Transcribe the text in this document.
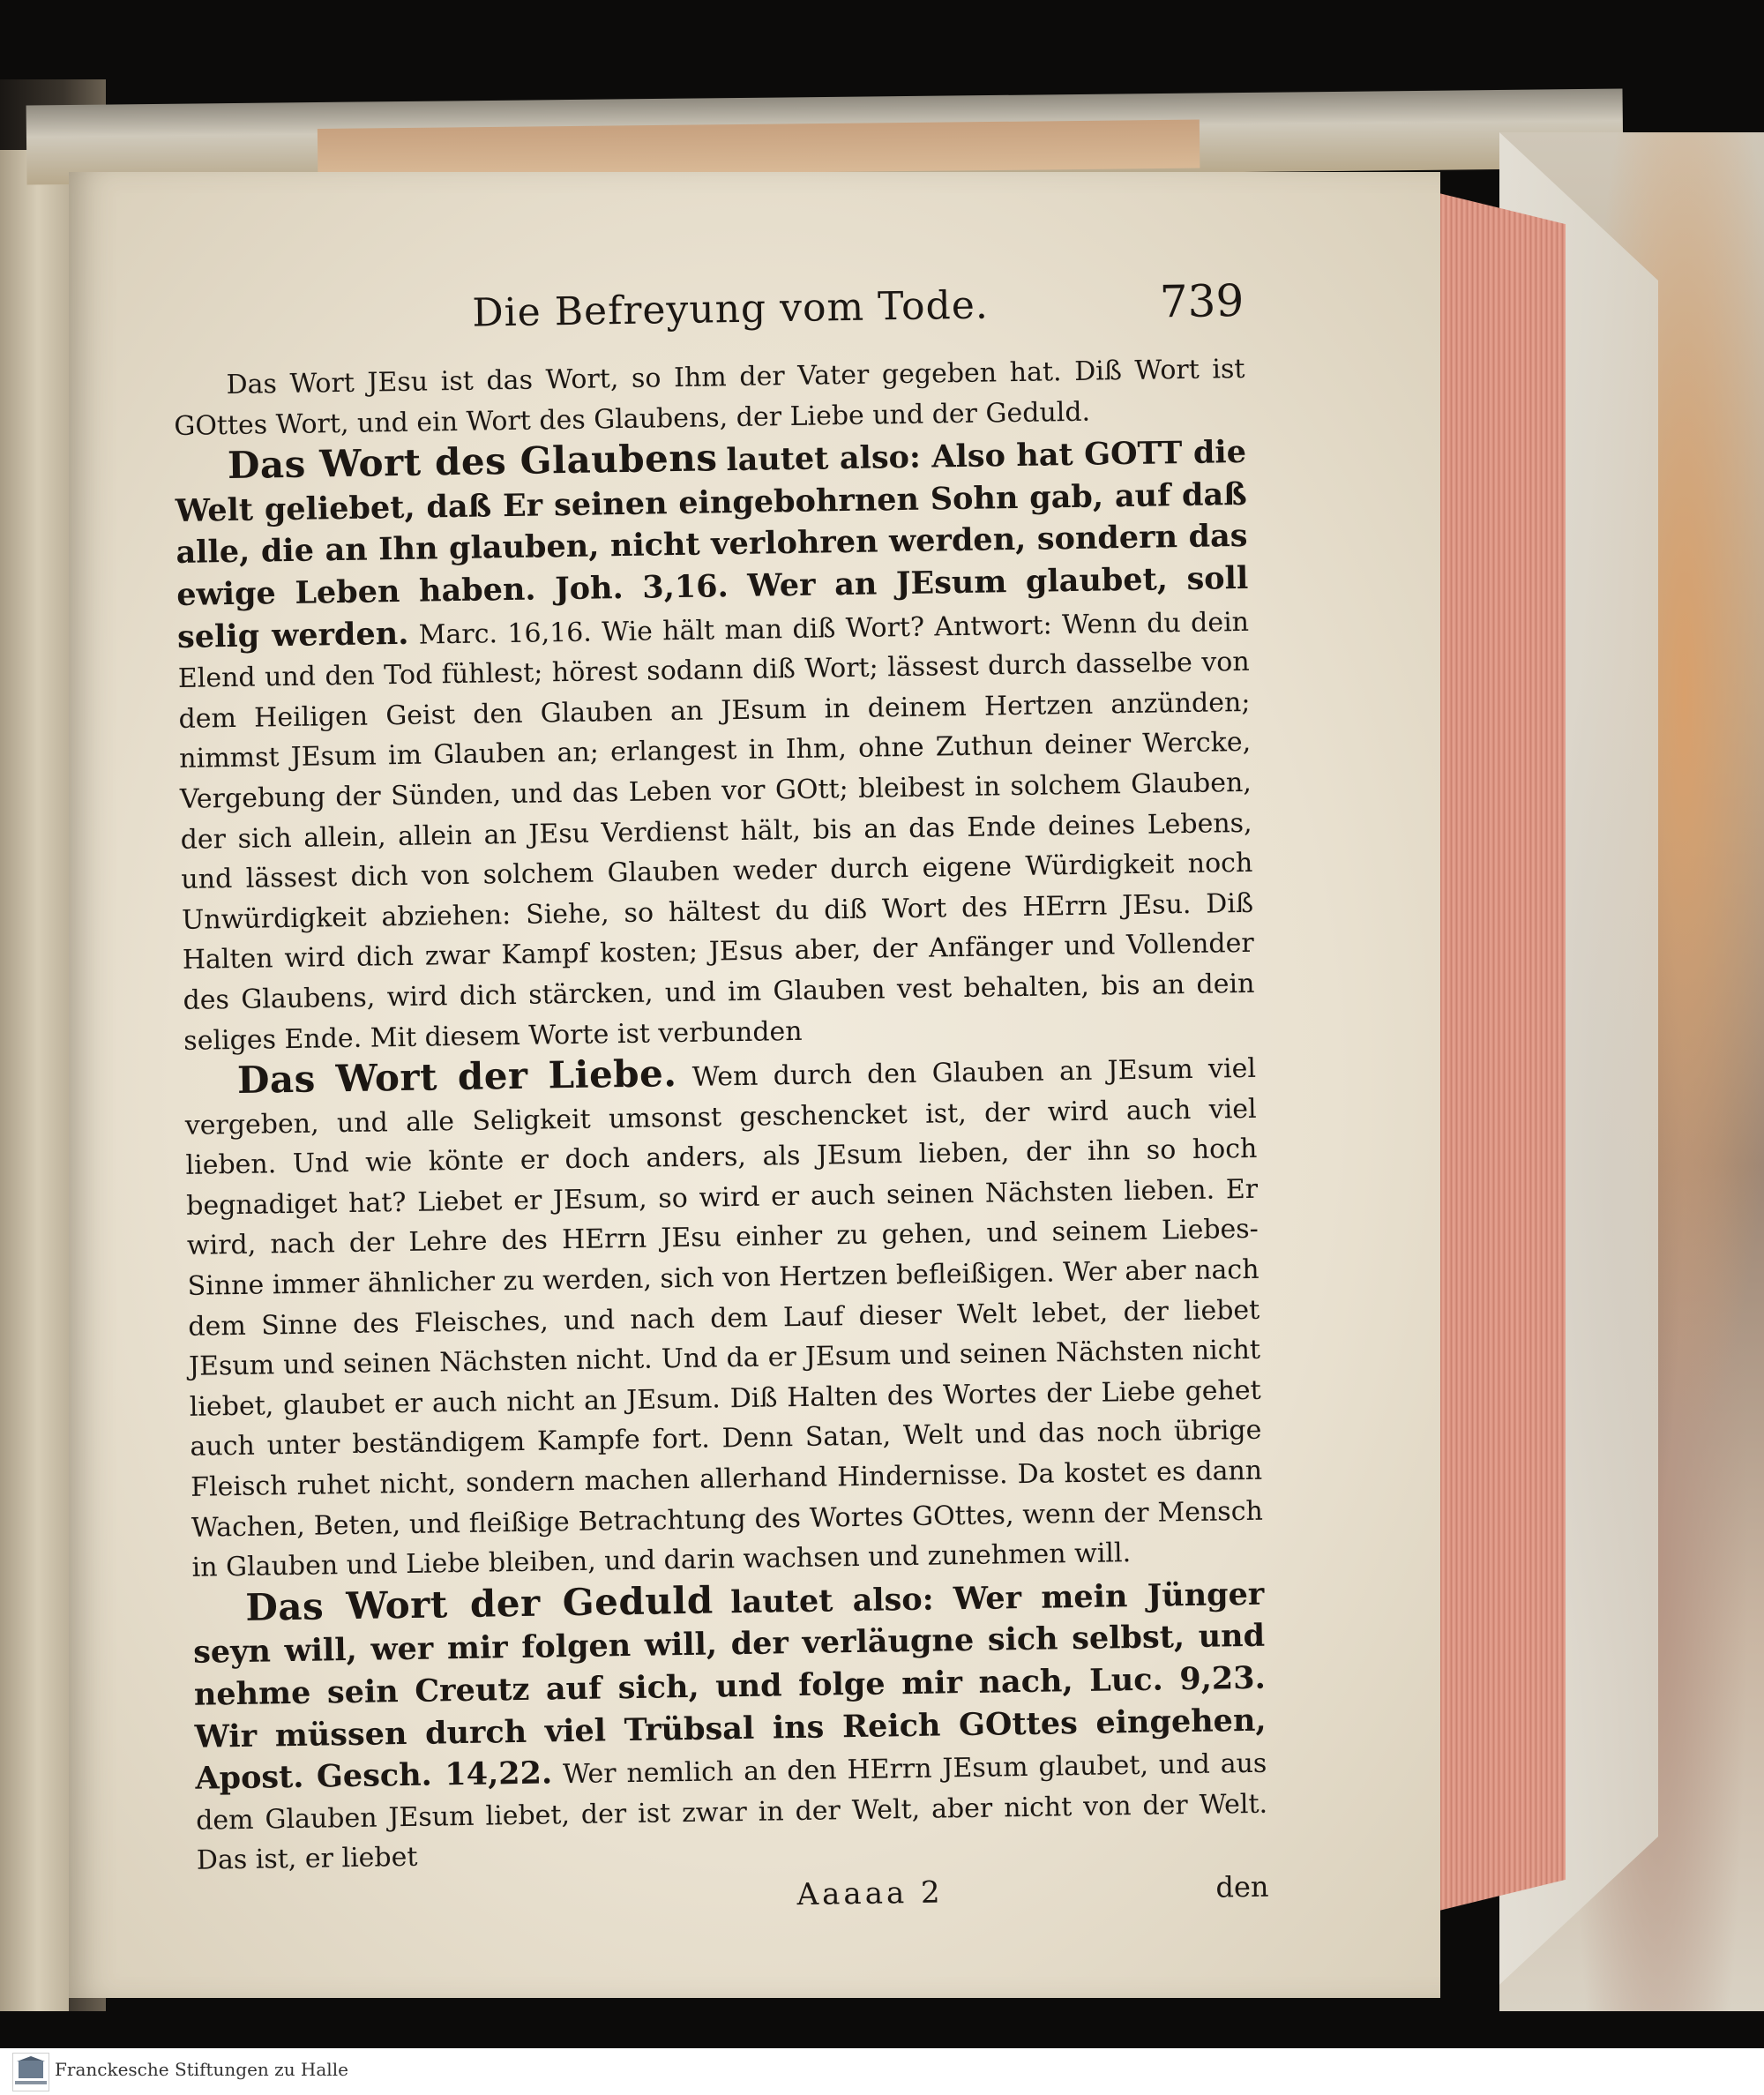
Die Befreyung vom Tode.	739

Das Wort JEsu ist das Wort, so Ihm der Vater gegeben hat. Diß Wort ist GOttes Wort, und ein Wort des Glaubens, der Liebe und der Geduld.

Das Wort des Glaubens lautet also: Also hat GOTT die Welt geliebet, daß Er seinen eingebohrnen Sohn gab, auf daß alle, die an Ihn glauben, nicht verlohren werden, sondern das ewige Leben haben. Joh. 3,16. Wer an JEsum glaubet, soll selig werden. Marc. 16,16. Wie hält man diß Wort? Antwort: Wenn du dein Elend und den Tod fühlest; hörest sodann diß Wort; lässest durch dasselbe von dem Heiligen Geist den Glauben an JEsum in deinem Hertzen anzünden; nimmst JEsum im Glauben an; erlangest in Ihm, ohne Zuthun deiner Wercke, Vergebung der Sünden, und das Leben vor GOtt; bleibest in solchem Glauben, der sich allein, allein an JEsu Verdienst hält, bis an das Ende deines Lebens, und lässest dich von solchem Glauben weder durch eigene Würdigkeit noch Unwürdigkeit abziehen: Siehe, so hältest du diß Wort des HErrn JEsu. Diß Halten wird dich zwar Kampf kosten; JEsus aber, der Anfänger und Vollender des Glaubens, wird dich stärcken, und im Glauben vest behalten, bis an dein seliges Ende. Mit diesem Worte ist verbunden

Das Wort der Liebe. Wem durch den Glauben an JEsum viel vergeben, und alle Seligkeit umsonst geschencket ist, der wird auch viel lieben. Und wie könte er doch anders, als JEsum lieben, der ihn so hoch begnadiget hat? Liebet er JEsum, so wird er auch seinen Nächsten lieben. Er wird, nach der Lehre des HErrn JEsu einher zu gehen, und seinem Liebes-Sinne immer ähnlicher zu werden, sich von Hertzen befleißigen. Wer aber nach dem Sinne des Fleisches, und nach dem Lauf dieser Welt lebet, der liebet JEsum und seinen Nächsten nicht. Und da er JEsum und seinen Nächsten nicht liebet, glaubet er auch nicht an JEsum. Diß Halten des Wortes der Liebe gehet auch unter beständigem Kampfe fort. Denn Satan, Welt und das noch übrige Fleisch ruhet nicht, sondern machen allerhand Hindernisse. Da kostet es dann Wachen, Beten, und fleißige Betrachtung des Wortes GOttes, wenn der Mensch in Glauben und Liebe bleiben, und darin wachsen und zunehmen will.

Das Wort der Geduld lautet also: Wer mein Jünger seyn will, wer mir folgen will, der verläugne sich selbst, und nehme sein Creutz auf sich, und folge mir nach, Luc. 9,23. Wir müssen durch viel Trübsal ins Reich GOttes eingehen, Apost. Gesch. 14,22. Wer nemlich an den HErrn JEsum glaubet, und aus dem Glauben JEsum liebet, der ist zwar in der Welt, aber nicht von der Welt. Das ist, er liebet

Aaaaa 2	den
Franckesche Stiftungen zu Halle
